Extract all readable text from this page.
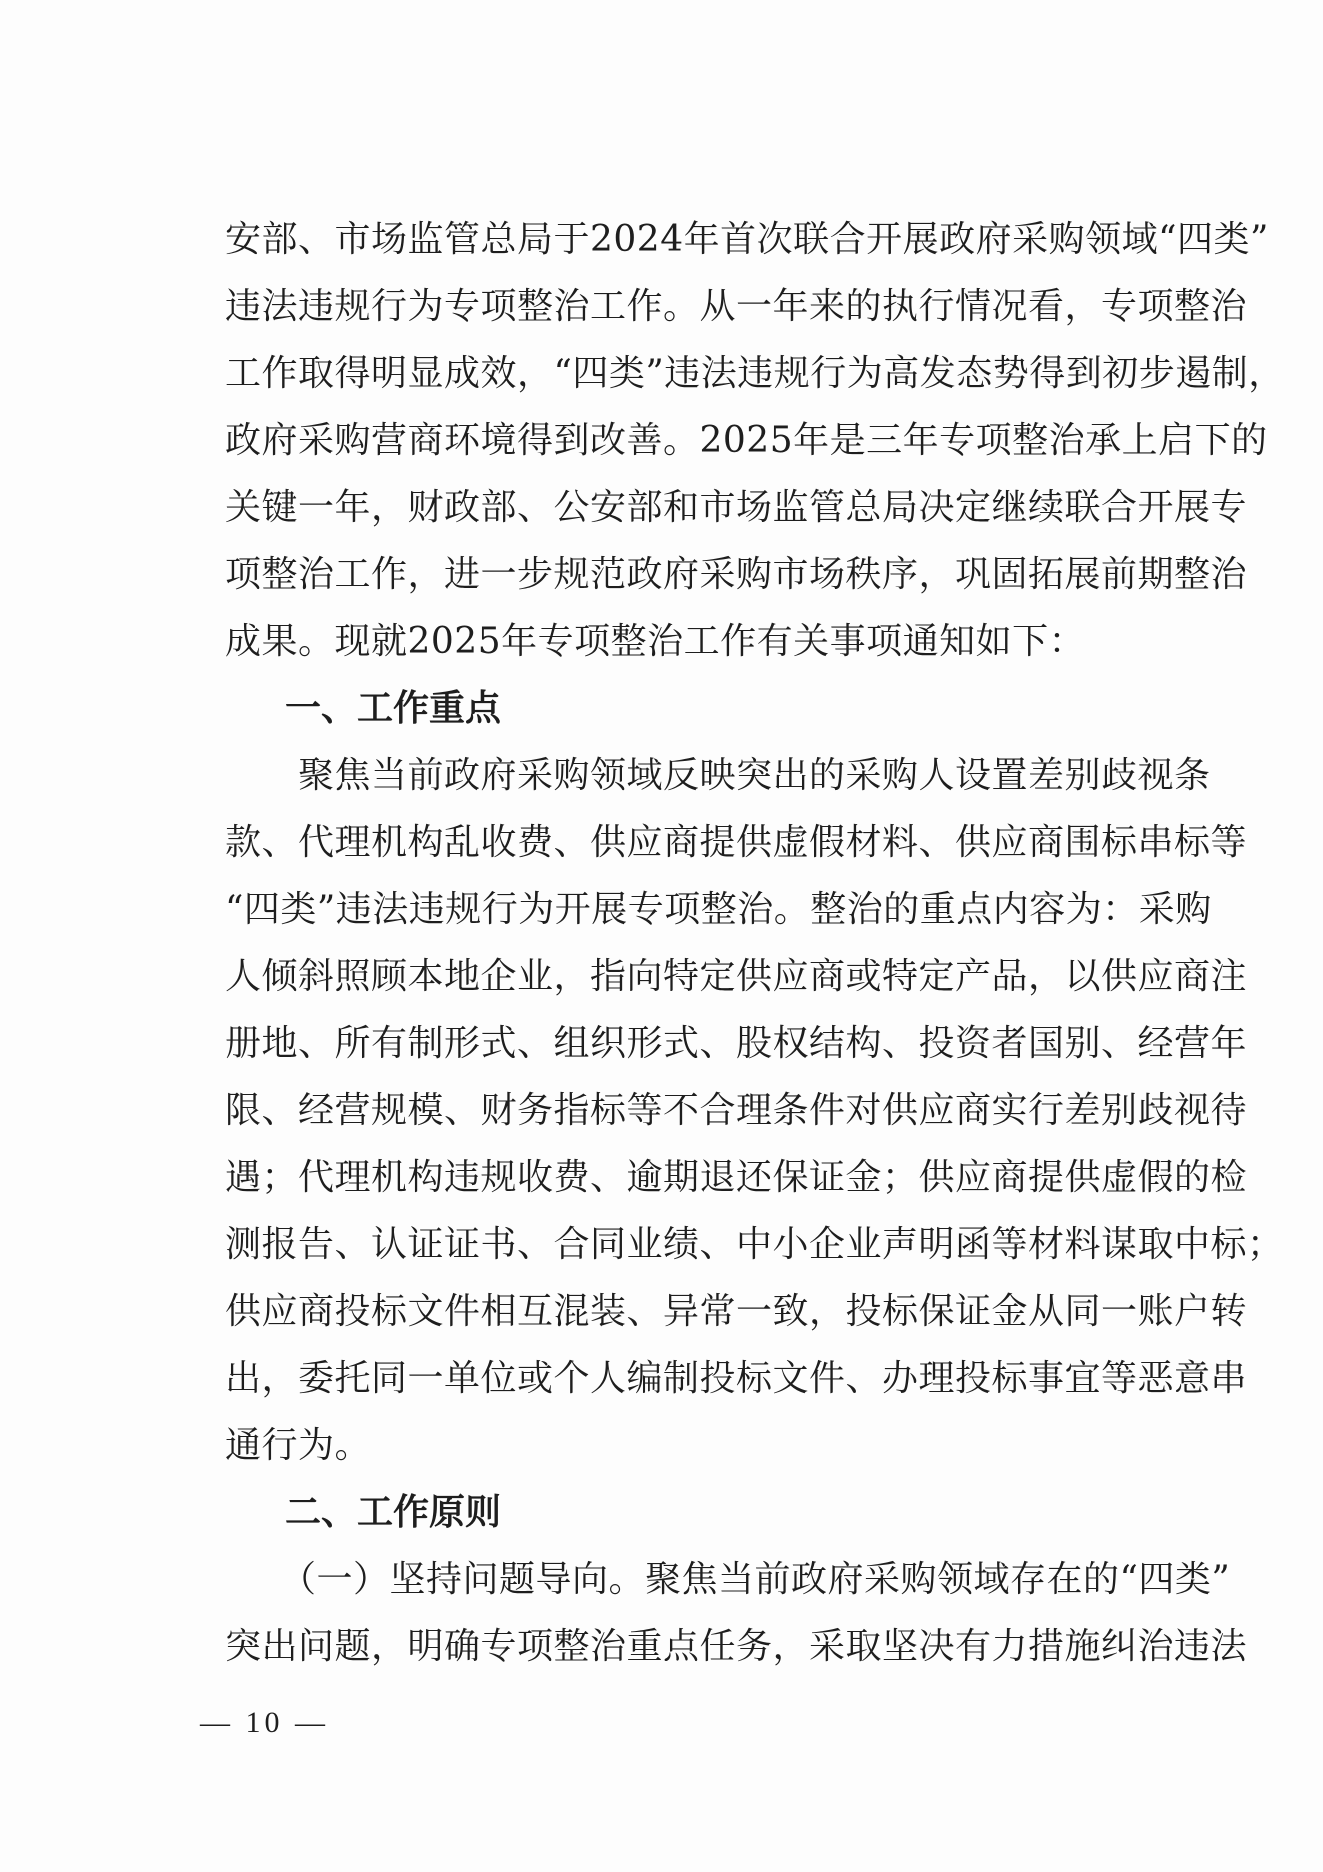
安部、市场监管总局于2024年首次联合开展政府采购领域“四类”
违法违规行为专项整治工作。从一年来的执行情况看，专项整治
工作取得明显成效，“四类”违法违规行为高发态势得到初步遏制，
政府采购营商环境得到改善。2025年是三年专项整治承上启下的
关键一年，财政部、公安部和市场监管总局决定继续联合开展专
项整治工作，进一步规范政府采购市场秩序，巩固拓展前期整治
成果。现就2025年专项整治工作有关事项通知如下：

一、工作重点

　　聚焦当前政府采购领域反映突出的采购人设置差别歧视条
款、代理机构乱收费、供应商提供虚假材料、供应商围标串标等
“四类”违法违规行为开展专项整治。整治的重点内容为：采购
人倾斜照顾本地企业，指向特定供应商或特定产品，以供应商注
册地、所有制形式、组织形式、股权结构、投资者国别、经营年
限、经营规模、财务指标等不合理条件对供应商实行差别歧视待
遇；代理机构违规收费、逾期退还保证金；供应商提供虚假的检
测报告、认证证书、合同业绩、中小企业声明函等材料谋取中标；
供应商投标文件相互混装、异常一致，投标保证金从同一账户转
出，委托同一单位或个人编制投标文件、办理投标事宜等恶意串
通行为。

二、工作原则

　　（一）坚持问题导向。聚焦当前政府采购领域存在的“四类”
突出问题，明确专项整治重点任务，采取坚决有力措施纠治违法

— 10 —
